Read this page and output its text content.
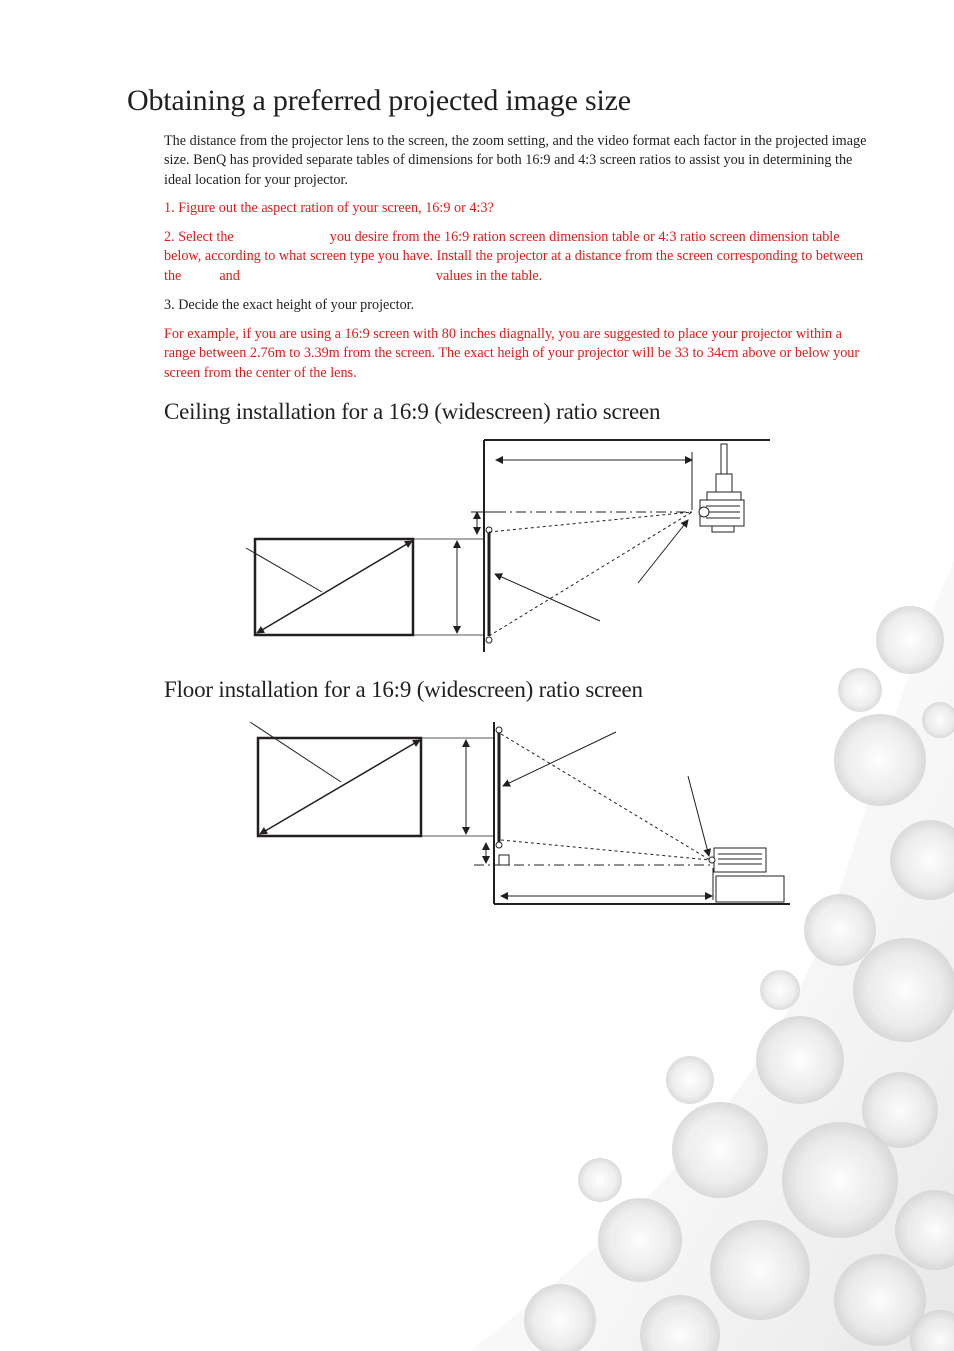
Obtaining a preferred projected image size

The distance from the projector lens to the screen, the zoom setting, and the video format each factor in the projected image size. BenQ has provided separate tables of dimensions for both 16:9 and 4:3 screen ratios to assist you in determining the ideal location for your projector.

1. Figure out the aspect ration of your screen, 16:9 or 4:3?

2. Select the	you desire from the 16:9 ration screen dimension table or 4:3 ratio screen dimension table below, according to what screen type you have. Install the projector at a distance from the screen corresponding to between the	and	values in the table.

3. Decide the exact height of your projector.

For example, if you are using a 16:9 screen with 80 inches diagnally, you are suggested to place your projector within a range between 2.76m to 3.39m from the screen. The exact heigh of your projector will be 33 to 34cm above or below your screen from the center of the lens.

Ceiling installation for a 16:9 (widescreen) ratio screen
Floor installation for a 16:9 (widescreen) ratio screen
